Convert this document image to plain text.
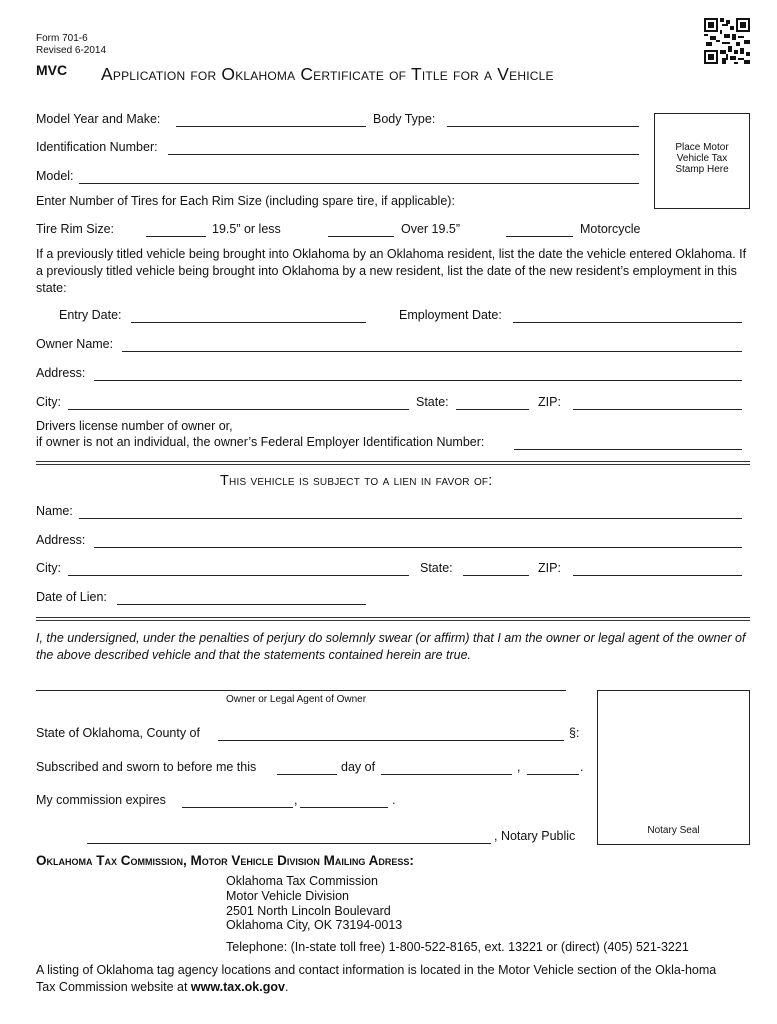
Form 701-6
Revised 6-2014
MVC Application for Oklahoma Certificate of Title for a Vehicle
Place Motor
Vehicle Tax
Stamp Here
Model Year and Make:	Body Type:
Identification Number:
Model:
Enter Number of Tires for Each Rim Size (including spare tire, if applicable):
Tire Rim Size:	19.5” or less	Over 19.5”	Motorcycle
If a previously titled vehicle being brought into Oklahoma by an Oklahoma resident, list the date the vehicle entered Oklahoma. If a previously titled vehicle being brought into Oklahoma by a new resident, list the date of the new resident’s employment in this state:
Entry Date:	Employment Date:
Owner Name:
Address:
City:	State:	ZIP:
Drivers license number of owner or,
if owner is not an individual, the owner’s Federal Employer Identification Number:
This vehicle is subject to a lien in favor of:
Name:
Address:
City:	State:	ZIP:
Date of Lien:
I, the undersigned, under the penalties of perjury do solemnly swear (or affirm) that I am the owner or legal agent of the owner of the above described vehicle and that the statements contained herein are true.
Owner or Legal Agent of Owner
Notary Seal
State of Oklahoma, County of	§:
Subscribed and sworn to before me this	day of	,	.
My commission expires	,	.
, Notary Public
Oklahoma Tax Commission, Motor Vehicle Division Mailing Adress:
Oklahoma Tax Commission
Motor Vehicle Division
2501 North Lincoln Boulevard
Oklahoma City, OK 73194-0013
Telephone: (In-state toll free) 1-800-522-8165, ext. 13221 or (direct) (405) 521-3221
A listing of Oklahoma tag agency locations and contact information is located in the Motor Vehicle section of the Okla-homa Tax Commission website at www.tax.ok.gov.
